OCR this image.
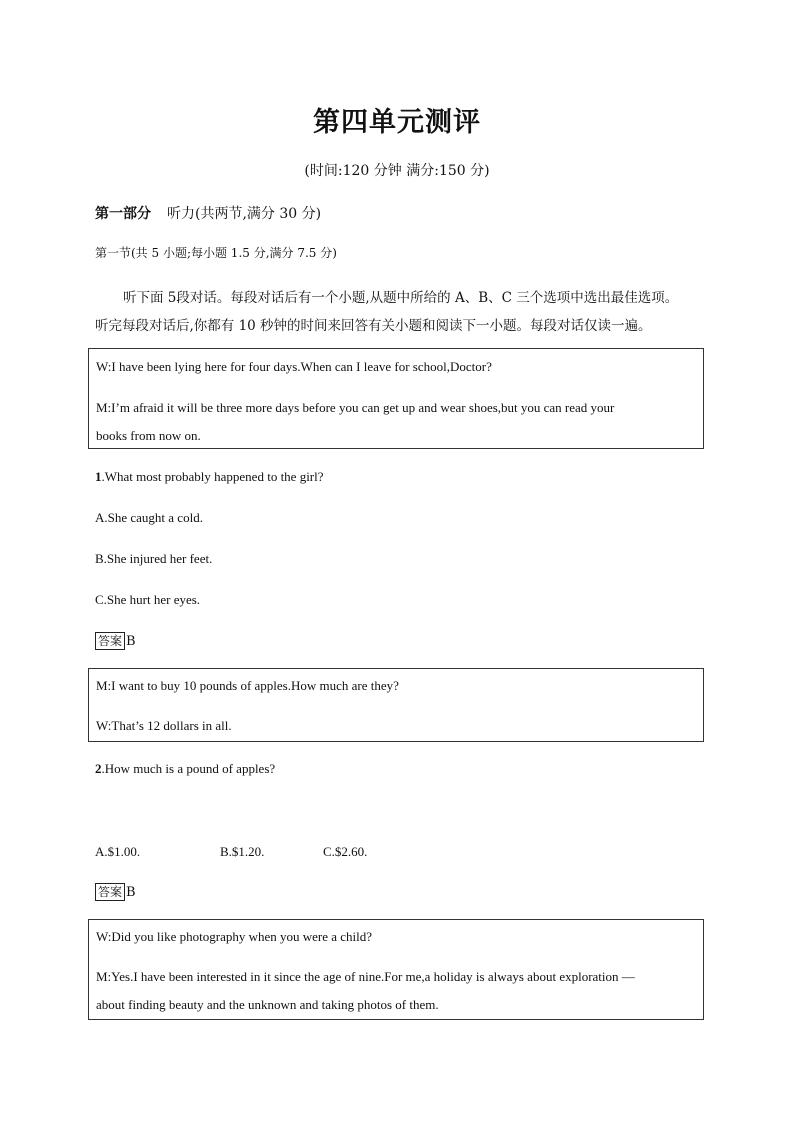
第四单元测评
(时间:120 分钟 满分:150 分)
第一部分 听力(共两节,满分 30 分)
第一节(共 5 小题;每小题 1.5 分,满分 7.5 分)
听下面 5段对话。每段对话后有一个小题,从题中所给的 A、B、C 三个选项中选出最佳选项。
听完每段对话后,你都有 10 秒钟的时间来回答有关小题和阅读下一小题。每段对话仅读一遍。
W:I have been lying here for four days.When can I leave for school,Doctor?
M:I’m afraid it will be three more days before you can get up and wear shoes,but you can read your
books from now on.
1.What most probably happened to the girl?
A.She caught a cold.
B.She injured her feet.
C.She hurt her eyes.
答案 B
M:I want to buy 10 pounds of apples.How much are they?
W:That’s 12 dollars in all.
2.How much is a pound of apples?
A.$1.00.	B.$1.20.	C.$2.60.
答案 B
W:Did you like photography when you were a child?
M:Yes.I have been interested in it since the age of nine.For me,a holiday is always about exploration —
about finding beauty and the unknown and taking photos of them.
